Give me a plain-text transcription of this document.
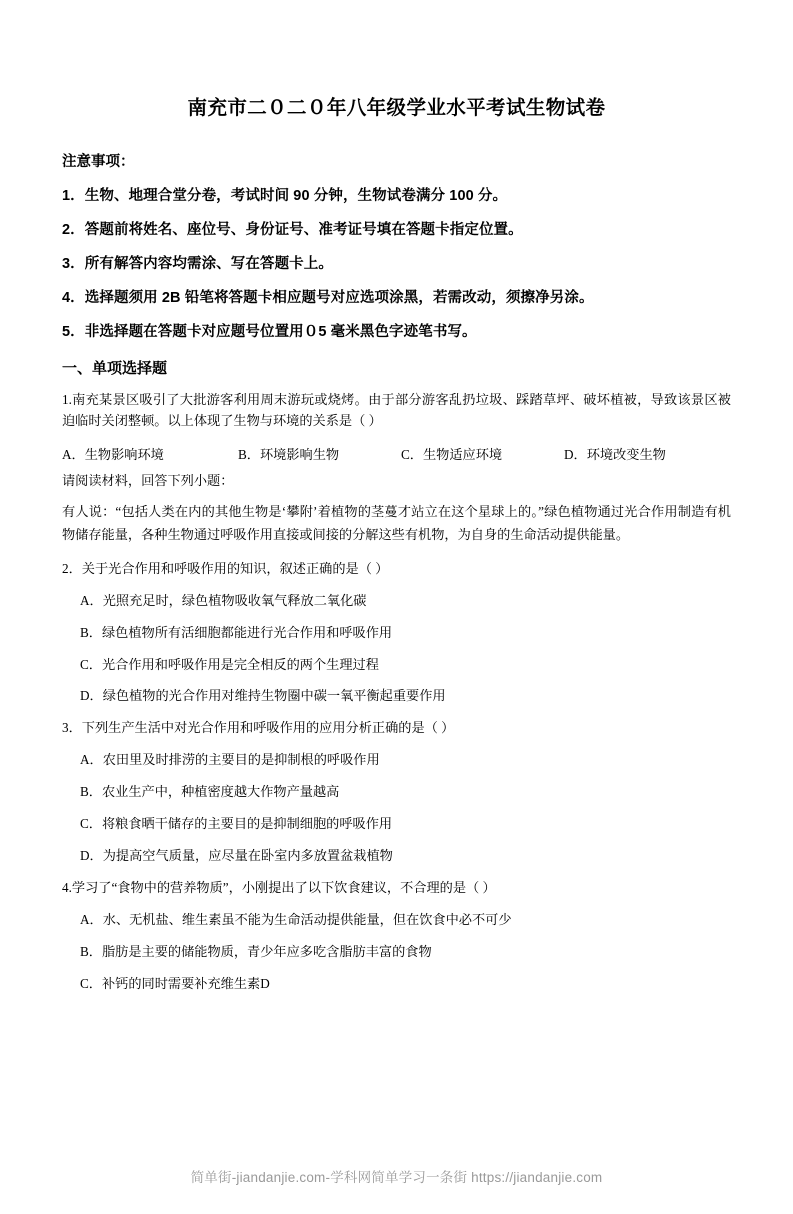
南充市二０二０年八年级学业水平考试生物试卷
注意事项：
1．生物、地理合堂分卷，考试时间 90 分钟，生物试卷满分 100 分。
2．答题前将姓名、座位号、身份证号、准考证号填在答题卡指定位置。
3．所有解答内容均需涂、写在答题卡上。
4．选择题须用 2B 铅笔将答题卡相应题号对应选项涂黑，若需改动，须擦净另涂。
5．非选择题在答题卡对应题号位置用０5 毫米黑色字迹笔书写。
一、单项选择题
1.南充某景区吸引了大批游客利用周末游玩或烧烤。由于部分游客乱扔垃圾、踩踏草坪、破坏植被，导致该景区被迫临时关闭整顿。以上体现了生物与环境的关系是（ ）
A．生物影响环境	B．环境影响生物	C．生物适应环境	D．环境改变生物
请阅读材料，回答下列小题：
有人说：“包括人类在内的其他生物是‘攀附’着植物的茎蔓才站立在这个星球上的。”绿色植物通过光合作用制造有机物储存能量，各种生物通过呼吸作用直接或间接的分解这些有机物，为自身的生命活动提供能量。
2．关于光合作用和呼吸作用的知识，叙述正确的是（ ）
A．光照充足时，绿色植物吸收氧气释放二氧化碳
B．绿色植物所有活细胞都能进行光合作用和呼吸作用
C．光合作用和呼吸作用是完全相反的两个生理过程
D．绿色植物的光合作用对维持生物圈中碳一氧平衡起重要作用
3．下列生产生活中对光合作用和呼吸作用的应用分析正确的是（ ）
A．农田里及时排涝的主要目的是抑制根的呼吸作用
B．农业生产中，种植密度越大作物产量越高
C．将粮食晒干储存的主要目的是抑制细胞的呼吸作用
D．为提高空气质量，应尽量在卧室内多放置盆栽植物
4.学习了“食物中的营养物质”，小刚提出了以下饮食建议，不合理的是（ ）
A．水、无机盐、维生素虽不能为生命活动提供能量，但在饮食中必不可少
B．脂肪是主要的储能物质，青少年应多吃含脂肪丰富的食物
C．补钙的同时需要补充维生素D
简单街-jiandanjie.com-学科网简单学习一条街 https://jiandanjie.com
